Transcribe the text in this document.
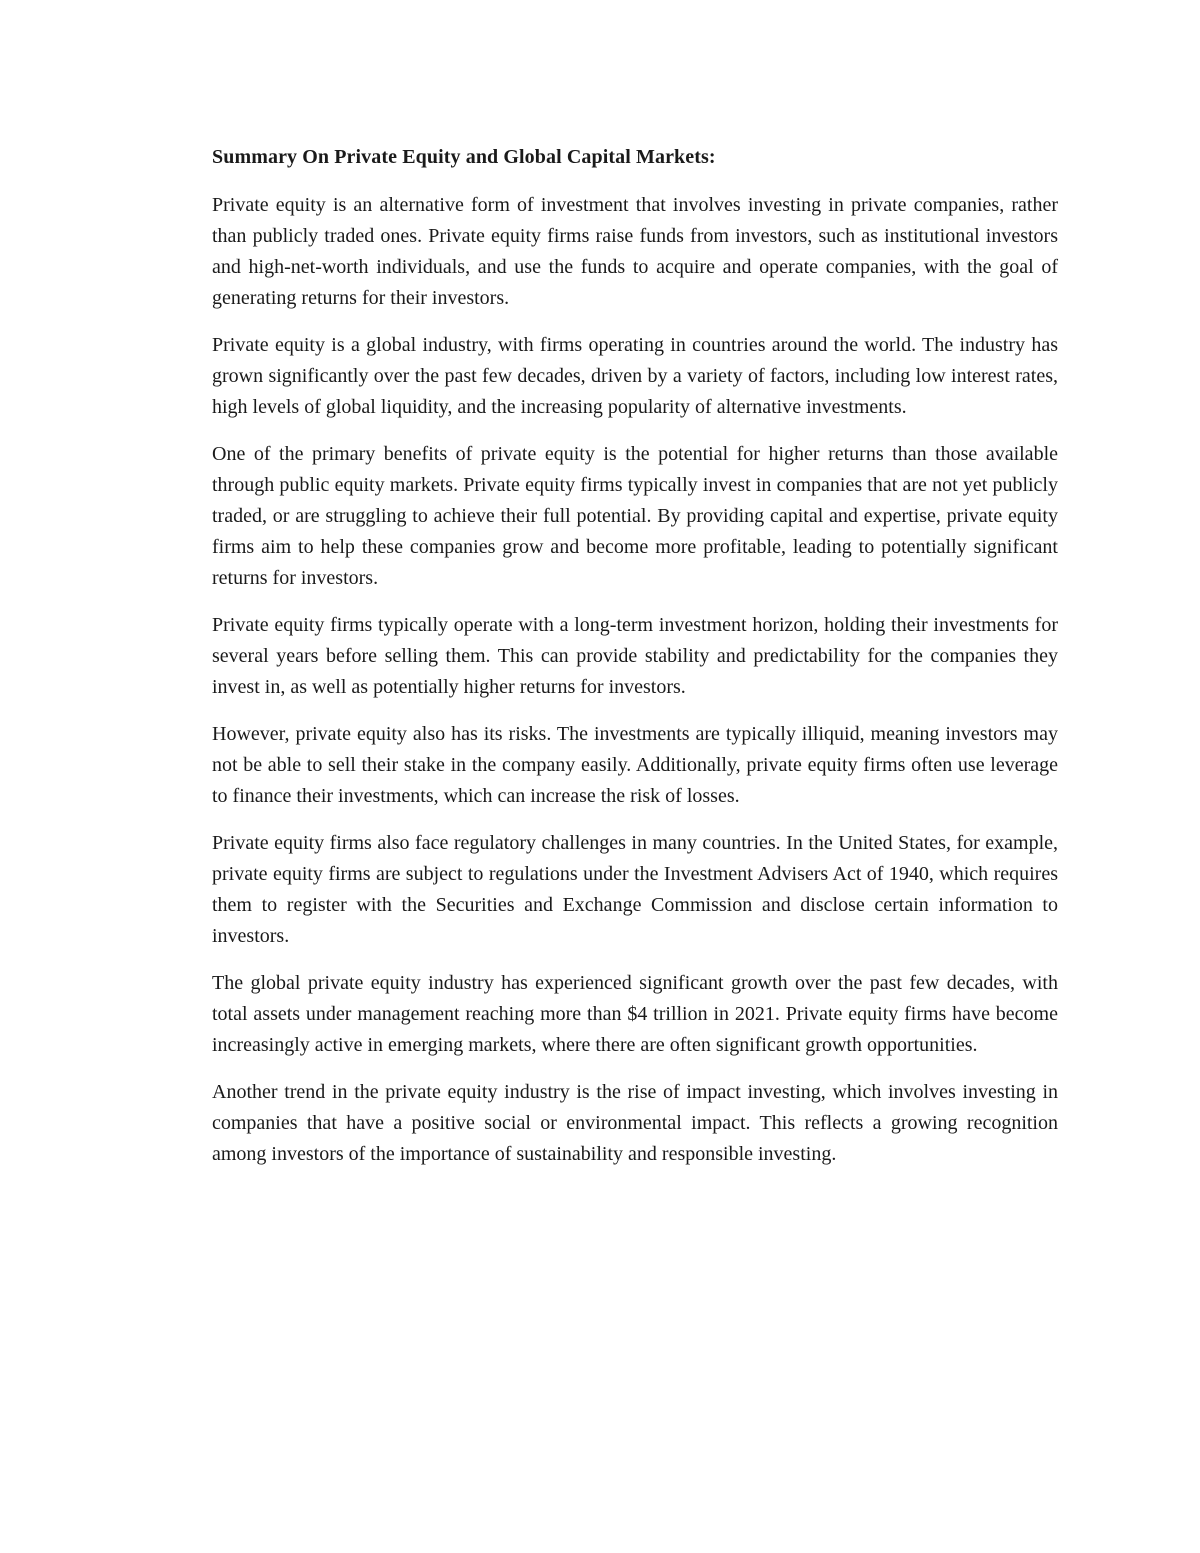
Summary On Private Equity and Global Capital Markets:

Private equity is an alternative form of investment that involves investing in private companies, rather than publicly traded ones. Private equity firms raise funds from investors, such as institutional investors and high-net-worth individuals, and use the funds to acquire and operate companies, with the goal of generating returns for their investors.

Private equity is a global industry, with firms operating in countries around the world. The industry has grown significantly over the past few decades, driven by a variety of factors, including low interest rates, high levels of global liquidity, and the increasing popularity of alternative investments.

One of the primary benefits of private equity is the potential for higher returns than those available through public equity markets. Private equity firms typically invest in companies that are not yet publicly traded, or are struggling to achieve their full potential. By providing capital and expertise, private equity firms aim to help these companies grow and become more profitable, leading to potentially significant returns for investors.

Private equity firms typically operate with a long-term investment horizon, holding their investments for several years before selling them. This can provide stability and predictability for the companies they invest in, as well as potentially higher returns for investors.

However, private equity also has its risks. The investments are typically illiquid, meaning investors may not be able to sell their stake in the company easily. Additionally, private equity firms often use leverage to finance their investments, which can increase the risk of losses.

Private equity firms also face regulatory challenges in many countries. In the United States, for example, private equity firms are subject to regulations under the Investment Advisers Act of 1940, which requires them to register with the Securities and Exchange Commission and disclose certain information to investors.

The global private equity industry has experienced significant growth over the past few decades, with total assets under management reaching more than $4 trillion in 2021. Private equity firms have become increasingly active in emerging markets, where there are often significant growth opportunities.

Another trend in the private equity industry is the rise of impact investing, which involves investing in companies that have a positive social or environmental impact. This reflects a growing recognition among investors of the importance of sustainability and responsible investing.
